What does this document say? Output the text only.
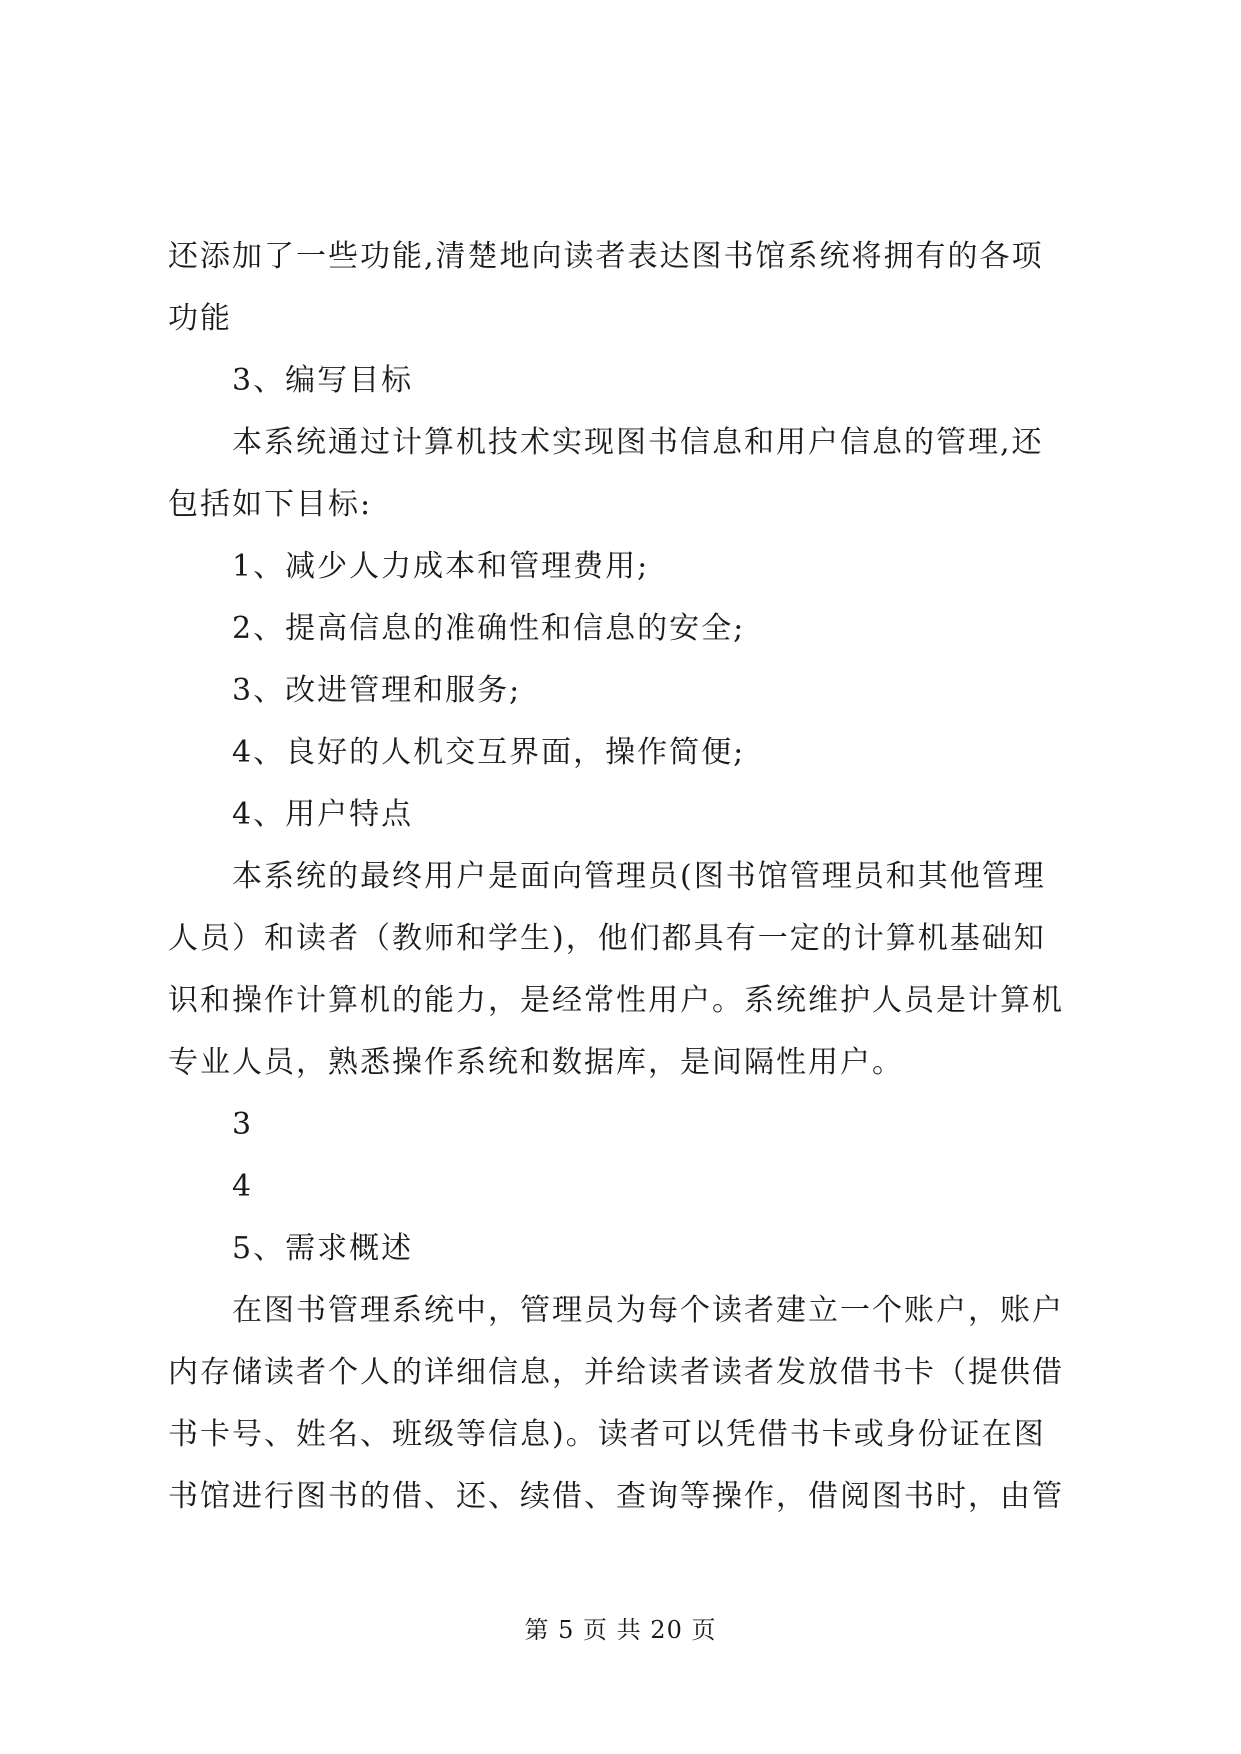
还添加了一些功能,清楚地向读者表达图书馆系统将拥有的各项
功能
3、编写目标
本系统通过计算机技术实现图书信息和用户信息的管理,还
包括如下目标:
1、减少人力成本和管理费用;
2、提高信息的准确性和信息的安全;
3、改进管理和服务;
4、良好的人机交互界面，操作简便;
4、用户特点
本系统的最终用户是面向管理员(图书馆管理员和其他管理
人员）和读者（教师和学生)，他们都具有一定的计算机基础知
识和操作计算机的能力，是经常性用户。系统维护人员是计算机
专业人员，熟悉操作系统和数据库，是间隔性用户。
3
4
5、需求概述
在图书管理系统中，管理员为每个读者建立一个账户，账户
内存储读者个人的详细信息，并给读者读者发放借书卡（提供借
书卡号、姓名、班级等信息)。读者可以凭借书卡或身份证在图
书馆进行图书的借、还、续借、查询等操作，借阅图书时，由管
第 5 页 共 20 页
